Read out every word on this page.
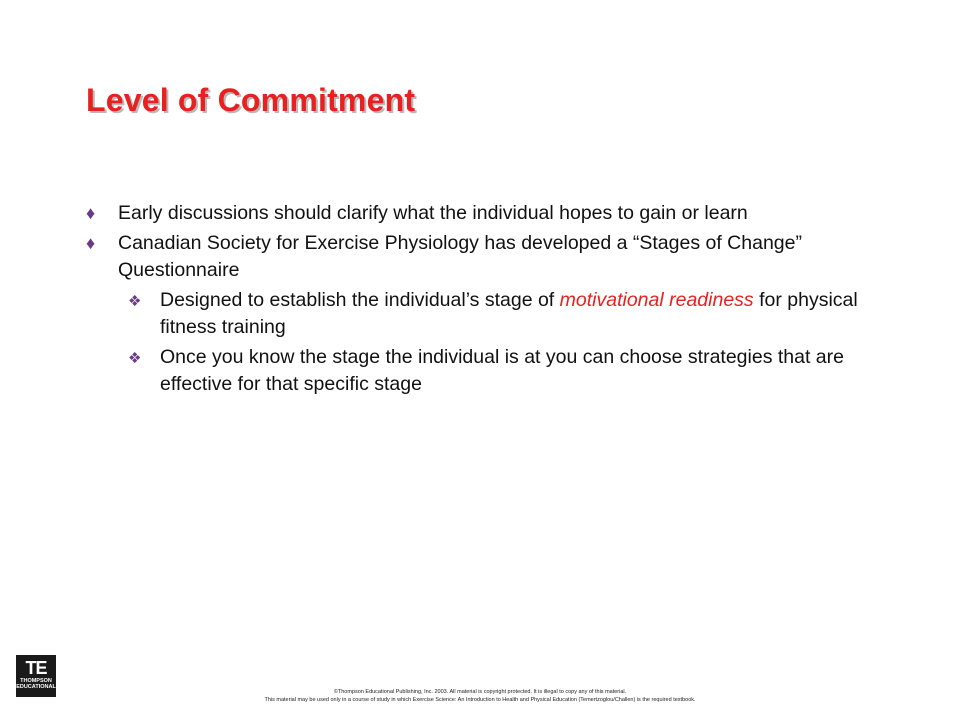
Level of Commitment
♦	Early discussions should clarify what the individual hopes to gain or learn
♦	Canadian Society for Exercise Physiology has developed a “Stages of Change” Questionnaire
❖ Designed to establish the individual’s stage of motivational readiness for physical fitness training
❖ Once you know the stage the individual is at you can choose strategies that are effective for that specific stage
TE
THOMPSON EDUCATIONAL
©Thompson Educational Publishing, Inc. 2003. All material is copyright protected. It is illegal to copy any of this material.
This material may be used only in a course of study in which Exercise Science: An Introduction to Health and Physical Education (Temertzoglou/Challen) is the required textbook.
